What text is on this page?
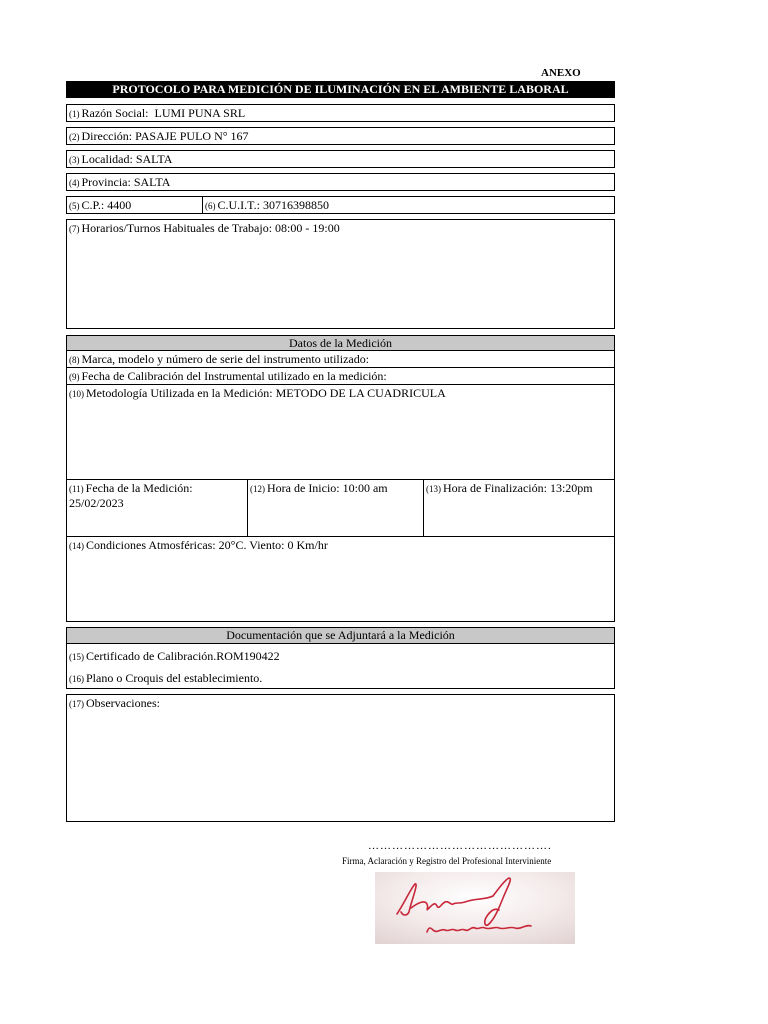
ANEXO
PROTOCOLO PARA MEDICIÓN DE ILUMINACIÓN EN EL AMBIENTE LABORAL
(1) Razón Social: LUMI PUNA SRL
(2) Dirección: PASAJE PULO N° 167
(3) Localidad: SALTA
(4) Provincia: SALTA
(5) C.P.: 4400	(6) C.U.I.T.: 30716398850
(7) Horarios/Turnos Habituales de Trabajo: 08:00 - 19:00
Datos de la Medición
(8) Marca, modelo y número de serie del instrumento utilizado:
(9) Fecha de Calibración del Instrumental utilizado en la medición:
(10) Metodología Utilizada en la Medición: METODO DE LA CUADRICULA
(11) Fecha de la Medición:
25/02/2023
(12) Hora de Inicio: 10:00 am	(13) Hora de Finalización: 13:20pm
(14) Condiciones Atmosféricas: 20°C. Viento: 0 Km/hr
Documentación que se Adjuntará a la Medición
(15) Certificado de Calibración.ROM190422
(16) Plano o Croquis del establecimiento.
(17) Observaciones:
……………………………………….
Firma, Aclaración y Registro del Profesional Interviniente
